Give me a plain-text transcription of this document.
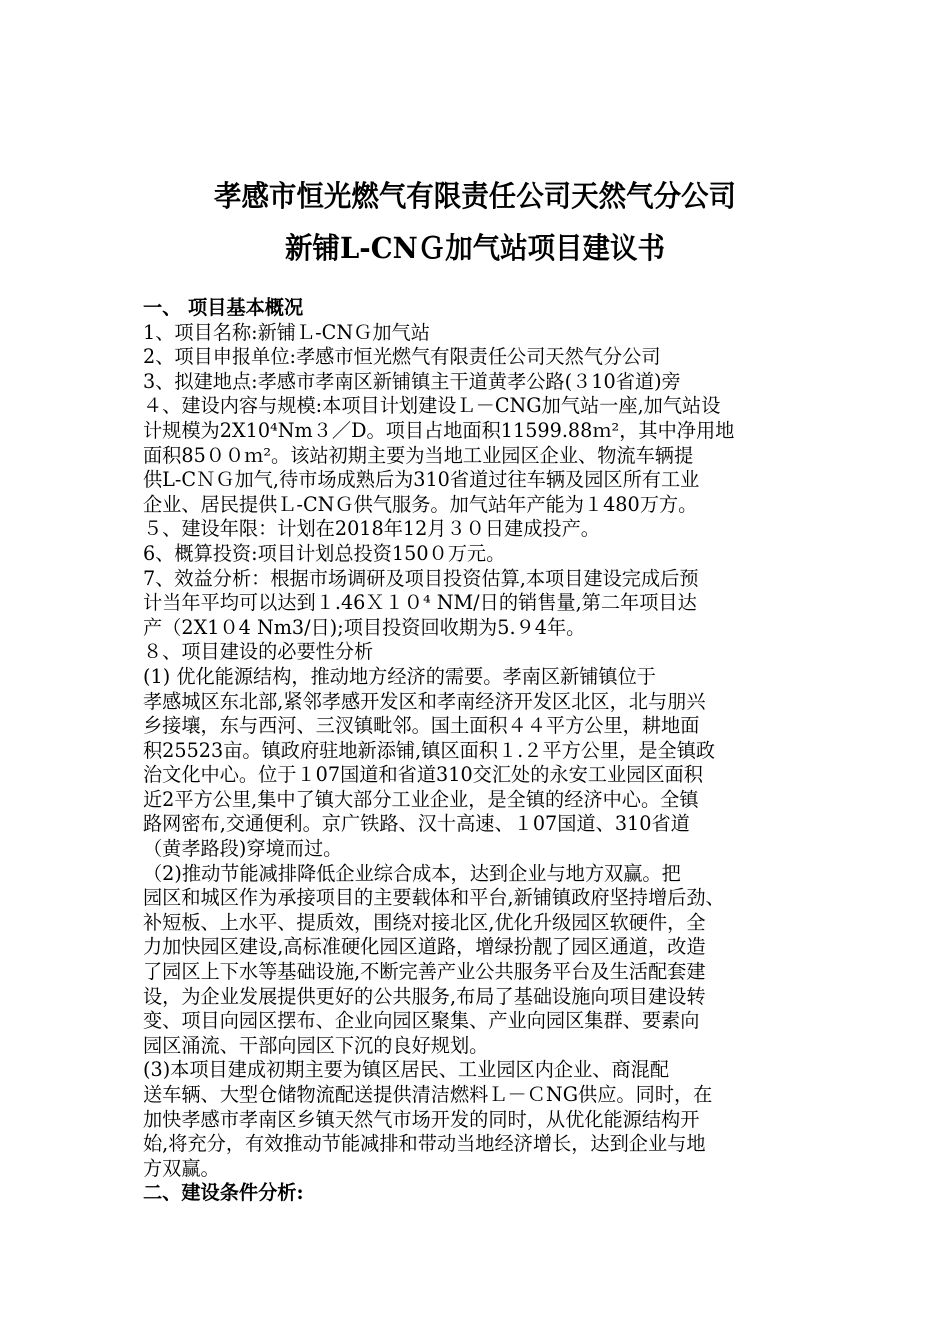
孝感市恒光燃气有限责任公司天然气分公司
新铺L-CNＧ加气站项目建议书
一、 项目基本概况
1、项目名称:新铺Ｌ-CNＧ加气站
2、项目申报单位:孝感市恒光燃气有限责任公司天然气分公司
3、拟建地点:孝感市孝南区新铺镇主干道黄孝公路(３10省道)旁
４、建设内容与规模:本项目计划建设Ｌ－CNG加气站一座,加气站设
计规模为2X10⁴Nm３／D。项目占地面积11599.88ｍ²，其中净用地
面积85００ｍ²。该站初期主要为当地工业园区企业、物流车辆提
供L-CＮＧ加气,待市场成熟后为310省道过往车辆及园区所有工业
企业、居民提供Ｌ-CNＧ供气服务。加气站年产能为１480万方。
５、建设年限：计划在2018年12月３０日建成投产。
6、概算投资:项目计划总投资150０万元。
7、效益分析：根据市场调研及项目投资估算,本项目建设完成后预
计当年平均可以达到１.46Ｘ１０⁴ NM/日的销售量,第二年项目达
产（2X1０4 Nm3/日);项目投资回收期为5.９4年。
８、项目建设的必要性分析
(1) 优化能源结构，推动地方经济的需要。孝南区新铺镇位于
孝感城区东北部,紧邻孝感开发区和孝南经济开发区北区，北与朋兴
乡接壤，东与西河、三汊镇毗邻。国土面积４４平方公里，耕地面
积25523亩。镇政府驻地新添铺,镇区面积１.２平方公里，是全镇政
治文化中心。位于１07国道和省道310交汇处的永安工业园区面积
近2平方公里,集中了镇大部分工业企业，是全镇的经济中心。全镇
路网密布,交通便利。京广铁路、汉十高速、１07国道、310省道
（黄孝路段)穿境而过。
（2)推动节能减排降低企业综合成本，达到企业与地方双赢。把
园区和城区作为承接项目的主要载体和平台,新铺镇政府坚持增后劲、
补短板、上水平、提质效，围绕对接北区,优化升级园区软硬件，全
力加快园区建设,高标准硬化园区道路，增绿扮靓了园区通道，改造
了园区上下水等基础设施,不断完善产业公共服务平台及生活配套建
设，为企业发展提供更好的公共服务,布局了基础设施向项目建设转
变、项目向园区摆布、企业向园区聚集、产业向园区集群、要素向
园区涌流、干部向园区下沉的良好规划。
(3)本项目建成初期主要为镇区居民、工业园区内企业、商混配
送车辆、大型仓储物流配送提供清洁燃料Ｌ－ＣNG供应。同时，在
加快孝感市孝南区乡镇天然气市场开发的同时，从优化能源结构开
始,将充分，有效推动节能减排和带动当地经济增长，达到企业与地
方双赢。
二、建设条件分析:
